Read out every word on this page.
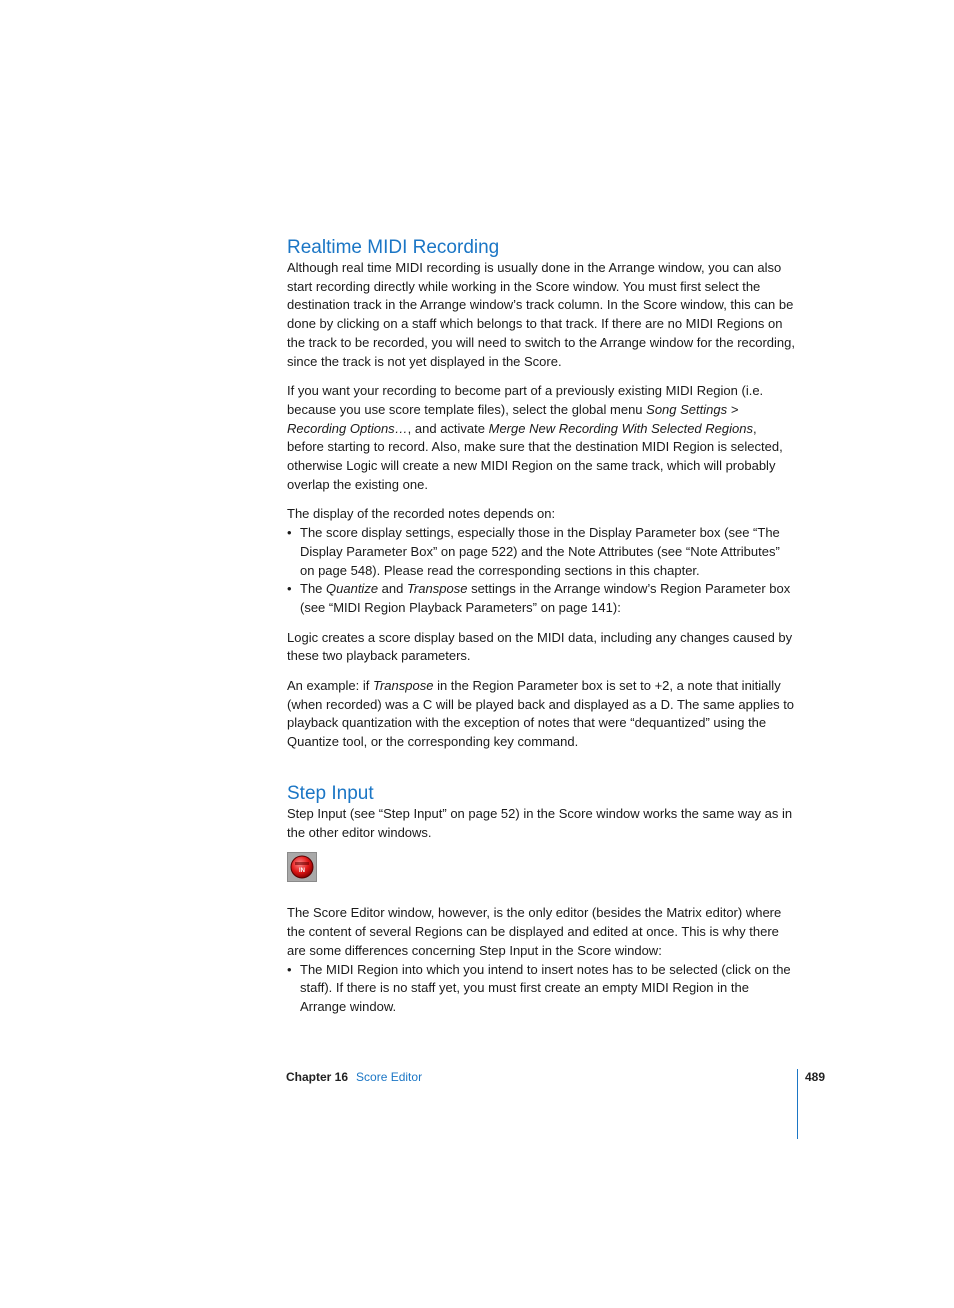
Realtime MIDI Recording

Although real time MIDI recording is usually done in the Arrange window, you can also start recording directly while working in the Score window. You must first select the destination track in the Arrange window’s track column. In the Score window, this can be done by clicking on a staff which belongs to that track. If there are no MIDI Regions on the track to be recorded, you will need to switch to the Arrange window for the recording, since the track is not yet displayed in the Score.

If you want your recording to become part of a previously existing MIDI Region (i.e. because you use score template files), select the global menu Song Settings > Recording Options…, and activate Merge New Recording With Selected Regions, before starting to record. Also, make sure that the destination MIDI Region is selected, otherwise Logic will create a new MIDI Region on the same track, which will probably overlap the existing one.

The display of the recorded notes depends on:

• The score display settings, especially those in the Display Parameter box (see “The Display Parameter Box” on page 522) and the Note Attributes (see “Note Attributes” on page 548). Please read the corresponding sections in this chapter.
• The Quantize and Transpose settings in the Arrange window’s Region Parameter box (see “MIDI Region Playback Parameters” on page 141):

Logic creates a score display based on the MIDI data, including any changes caused by these two playback parameters.

An example: if Transpose in the Region Parameter box is set to +2, a note that initially (when recorded) was a C will be played back and displayed as a D. The same applies to playback quantization with the exception of notes that were “dequantized” using the Quantize tool, or the corresponding key command.

Step Input

Step Input (see “Step Input” on page 52) in the Score window works the same way as in the other editor windows.

IN

The Score Editor window, however, is the only editor (besides the Matrix editor) where the content of several Regions can be displayed and edited at once. This is why there are some differences concerning Step Input in the Score window:

• The MIDI Region into which you intend to insert notes has to be selected (click on the staff). If there is no staff yet, you must first create an empty MIDI Region in the Arrange window.
Chapter 16 Score Editor	489
